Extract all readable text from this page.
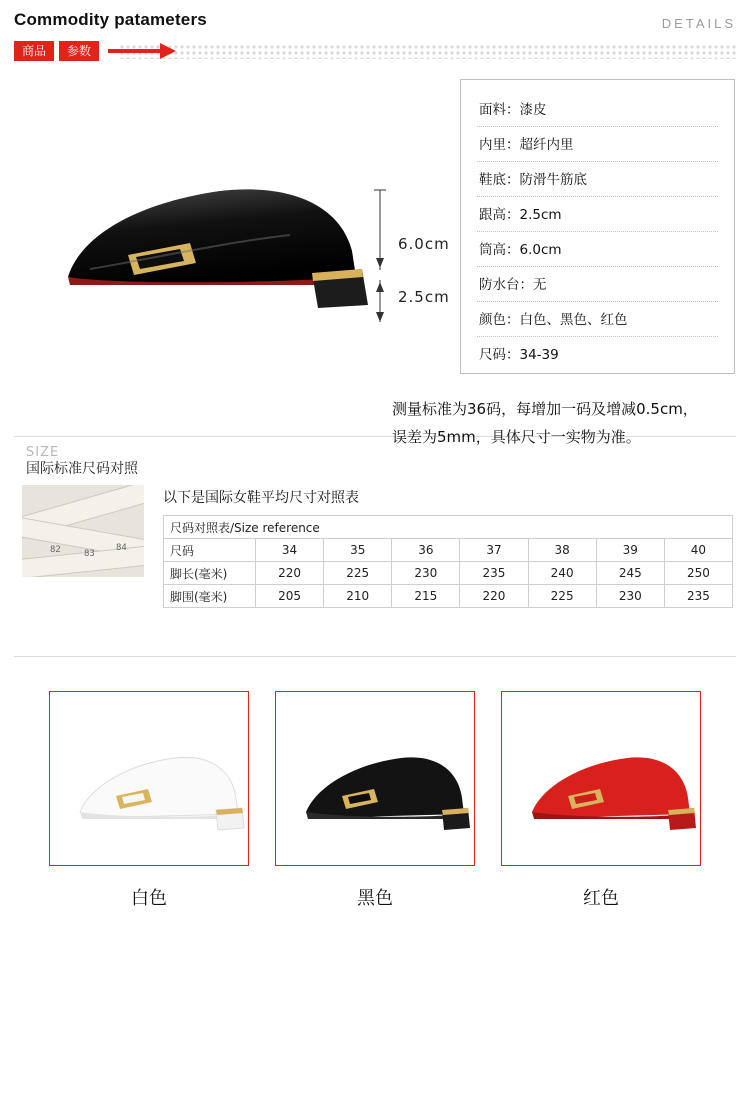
Commodity patameters	DETAILS
商品	参数
6.0cm
2.5cm
面料：漆皮
内里：超纤内里
鞋底：防滑牛筋底
跟高：2.5cm
筒高：6.0cm
防水台：无
颜色：白色、黑色、红色
尺码：34-39
测量标准为36码，每增加一码及增减0.5cm，
误差为5mm，具体尺寸一实物为准。
SIZE
国际标准尺码对照
82	83
84
以下是国际女鞋平均尺寸对照表
尺码对照表/Size reference							
尺码	34	35	36	37	38	39	40
脚长(毫米)	220	225	230	235	240	245	250
脚围(毫米)	205	210	215	220	225	230	235
白色	黑色	红色
